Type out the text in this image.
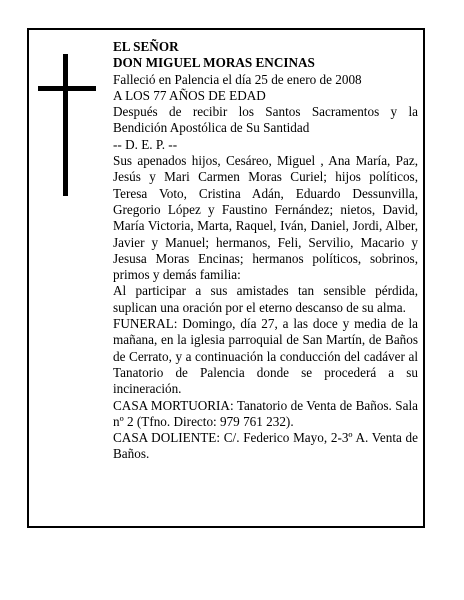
EL SEÑOR

DON MIGUEL MORAS ENCINAS

Falleció en Palencia el día 25 de enero de 2008

A LOS 77 AÑOS DE EDAD

Después de recibir los Santos Sacramentos y la Bendición Apostólica de Su Santidad

-- D. E. P. --

Sus apenados hijos, Cesáreo, Miguel , Ana María, Paz, Jesús y Mari Carmen Moras Curiel; hijos políticos, Teresa Voto, Cristina Adán, Eduardo Dessunvilla, Gregorio López y Faustino Fernández; nietos, David, María Victoria, Marta, Raquel, Iván, Daniel, Jordi, Alber, Javier y Manuel; hermanos, Feli, Servilio, Macario y Jesusa Moras Encinas; hermanos políticos, sobrinos, primos y demás familia:

Al participar a sus amistades tan sensible pérdida, suplican una oración por el eterno descanso de su alma.

FUNERAL: Domingo, día 27, a las doce y media de la mañana, en la iglesia parroquial de San Martín, de Baños de Cerrato, y a continuación la conducción del cadáver al Tanatorio de Palencia donde se procederá a su incineración.

CASA MORTUORIA: Tanatorio de Venta de Baños. Sala nº 2 (Tfno. Directo: 979 761 232).

CASA DOLIENTE: C/. Federico Mayo, 2-3º A. Venta de Baños.
